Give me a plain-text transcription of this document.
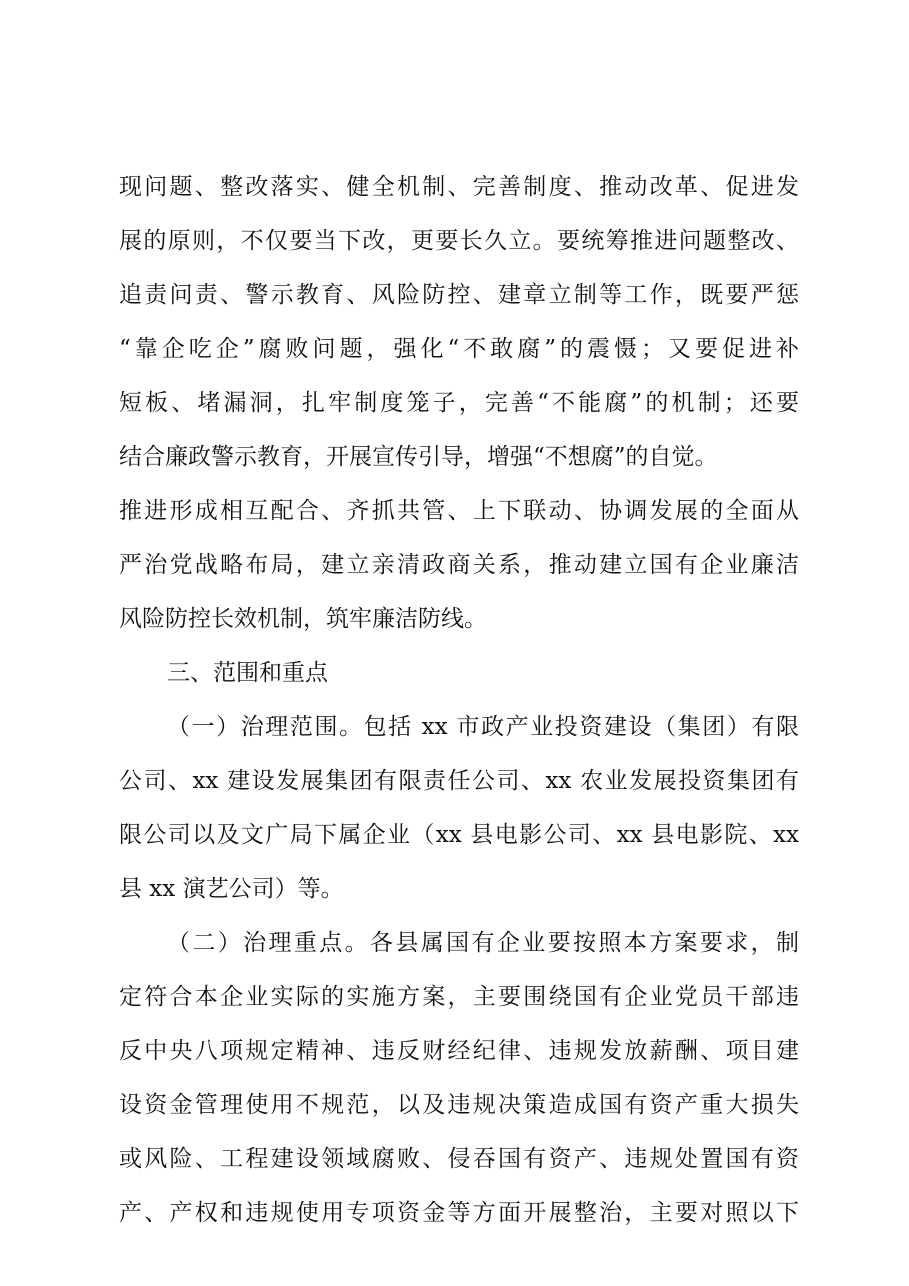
现问题、整改落实、健全机制、完善制度、推动改革、促进发
展的原则，不仅要当下改，更要长久立。要统筹推进问题整改、
追责问责、警示教育、风险防控、建章立制等工作，既要严惩
“靠企吃企”腐败问题，强化“不敢腐”的震慑；又要促进补
短板、堵漏洞，扎牢制度笼子，完善“不能腐”的机制；还要
结合廉政警示教育，开展宣传引导，增强“不想腐”的自觉。
推进形成相互配合、齐抓共管、上下联动、协调发展的全面从
严治党战略布局，建立亲清政商关系，推动建立国有企业廉洁
风险防控长效机制，筑牢廉洁防线。
三、范围和重点
（一）治理范围。包括 xx 市政产业投资建设（集团）有限
公司、xx 建设发展集团有限责任公司、xx 农业发展投资集团有
限公司以及文广局下属企业（xx 县电影公司、xx 县电影院、xx
县 xx 演艺公司）等。
（二）治理重点。各县属国有企业要按照本方案要求，制
定符合本企业实际的实施方案，主要围绕国有企业党员干部违
反中央八项规定精神、违反财经纪律、违规发放薪酬、项目建
设资金管理使用不规范，以及违规决策造成国有资产重大损失
或风险、工程建设领域腐败、侵吞国有资产、违规处置国有资
产、产权和违规使用专项资金等方面开展整治，主要对照以下
